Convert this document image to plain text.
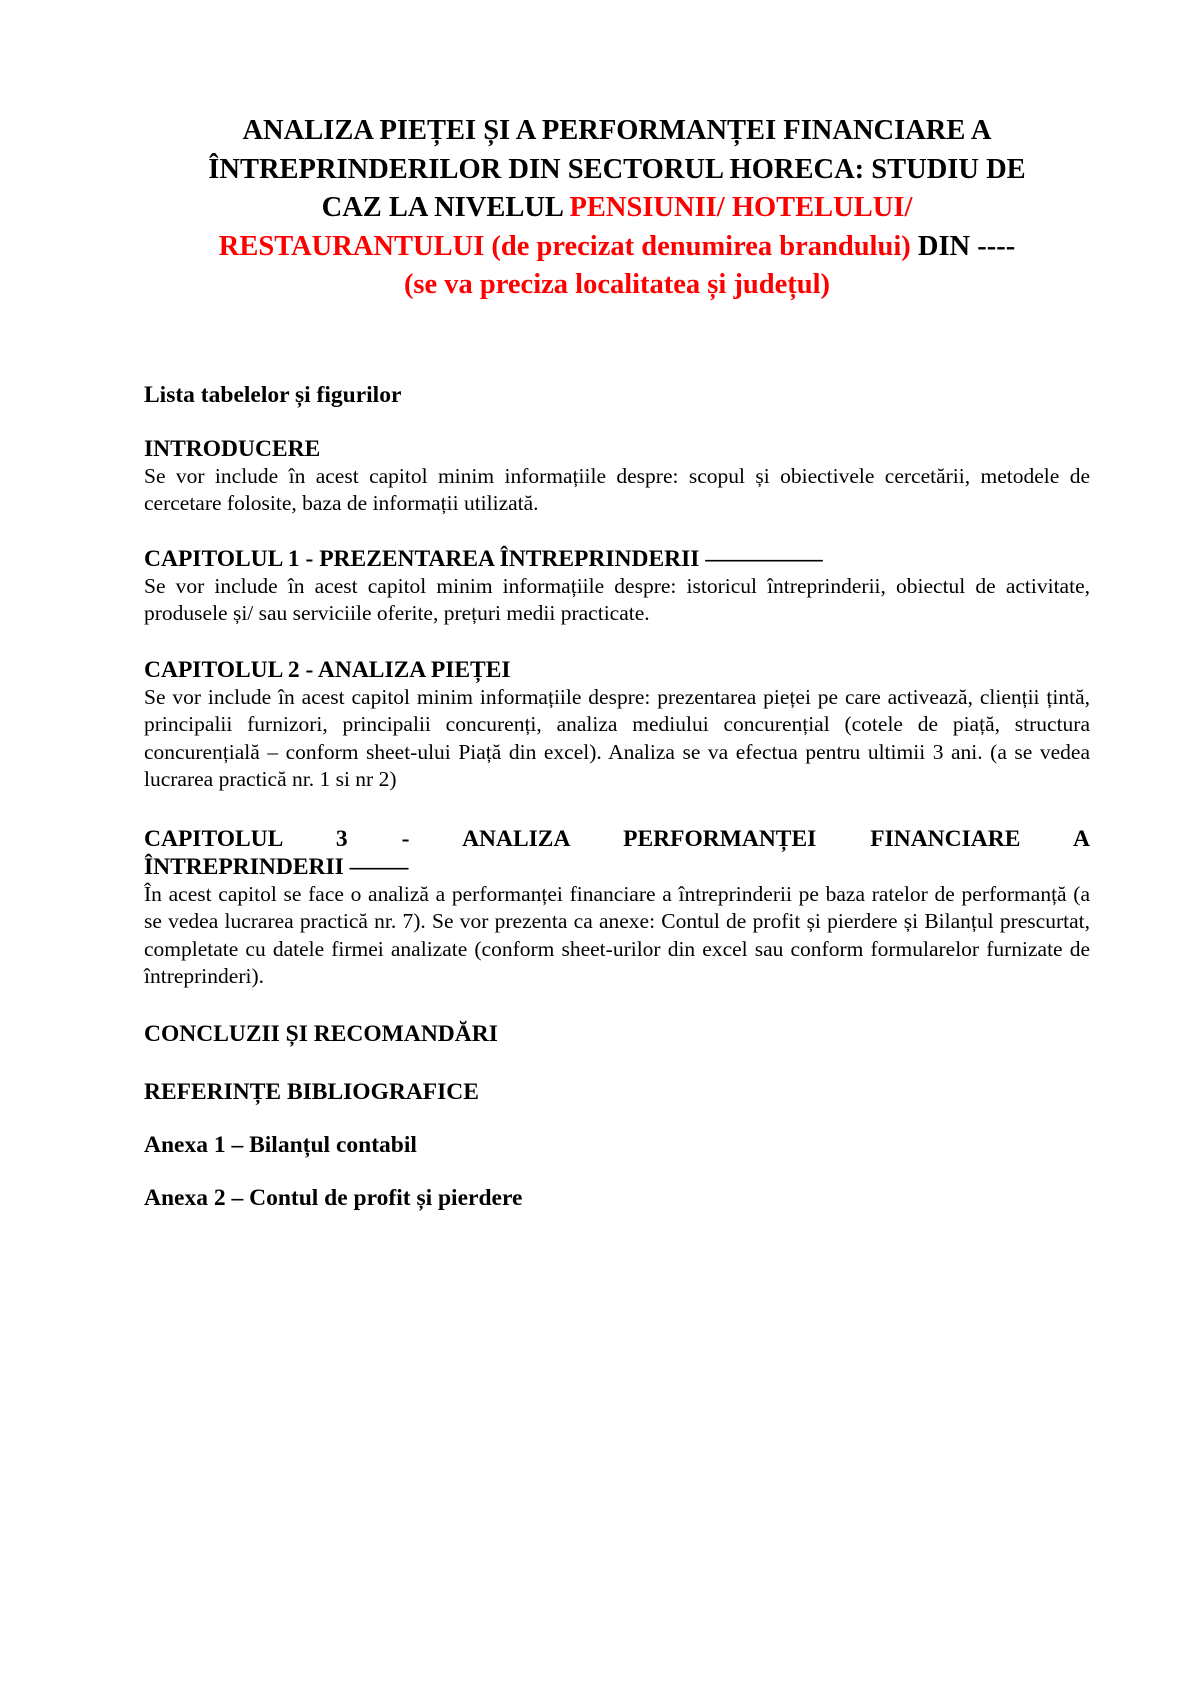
ANALIZA PIEȚEI ȘI A PERFORMANȚEI FINANCIARE A
ÎNTREPRINDERILOR DIN SECTORUL HORECA: STUDIU DE
CAZ LA NIVELUL PENSIUNII/ HOTELULUI/
RESTAURANTULUI (de precizat denumirea brandului) DIN ----
(se va preciza localitatea și județul)

Lista tabelelor și figurilor

INTRODUCERE

Se vor include în acest capitol minim informațiile despre: scopul și obiectivele cercetării, metodele de cercetare folosite, baza de informații utilizată.

CAPITOLUL 1 - PREZENTAREA ÎNTREPRINDERII ––––––––––

Se vor include în acest capitol minim informațiile despre: istoricul întreprinderii, obiectul de activitate, produsele și/ sau serviciile oferite, prețuri medii practicate.

CAPITOLUL 2 - ANALIZA PIEȚEI

Se vor include în acest capitol minim informațiile despre: prezentarea pieței pe care activează, clienții țintă, principalii furnizori, principalii concurenți, analiza mediului concurențial (cotele de piață, structura concurențială – conform sheet-ului Piață din excel). Analiza se va efectua pentru ultimii 3 ani. (a se vedea lucrarea practică nr. 1 si nr 2)

CAPITOLUL 3 - ANALIZA PERFORMANȚEI FINANCIARE A

ÎNTREPRINDERII –––––

În acest capitol se face o analiză a performanței financiare a întreprinderii pe baza ratelor de performanță (a se vedea lucrarea practică nr. 7). Se vor prezenta ca anexe: Contul de profit și pierdere și Bilanțul prescurtat, completate cu datele firmei analizate (conform sheet-urilor din excel sau conform formularelor furnizate de întreprinderi).

CONCLUZII ȘI RECOMANDĂRI

REFERINȚE BIBLIOGRAFICE

Anexa 1 – Bilanțul contabil

Anexa 2 – Contul de profit și pierdere
